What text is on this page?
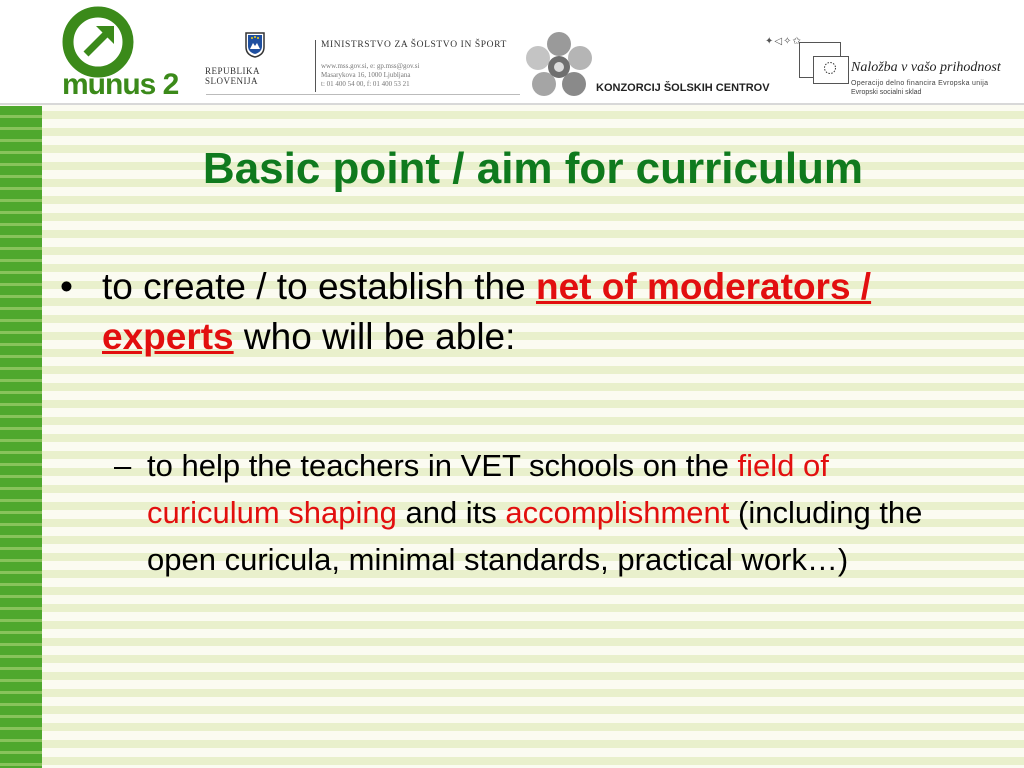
munus 2	REPUBLIKA SLOVENIJA
MINISTRSTVO ZA ŠOLSTVO IN ŠPORT
www.mss.gov.si, e: gp.mss@gov.si
Masarykova 16, 1000 Ljubljana
t: 01 400 54 00, f: 01 400 53 21	KONZORCIJ ŠOLSKIH CENTROV
✦◁✧✩
Naložba v vašo prihodnost
Operacijo delno financira Evropska unija
Evropski socialni sklad
Basic point / aim for curriculum
• to create / to establish the net of moderators / experts who will be able:
– to help the teachers in VET schools on the field of curiculum shaping and its accomplishment (including the open curicula, minimal standards, practical work…)
